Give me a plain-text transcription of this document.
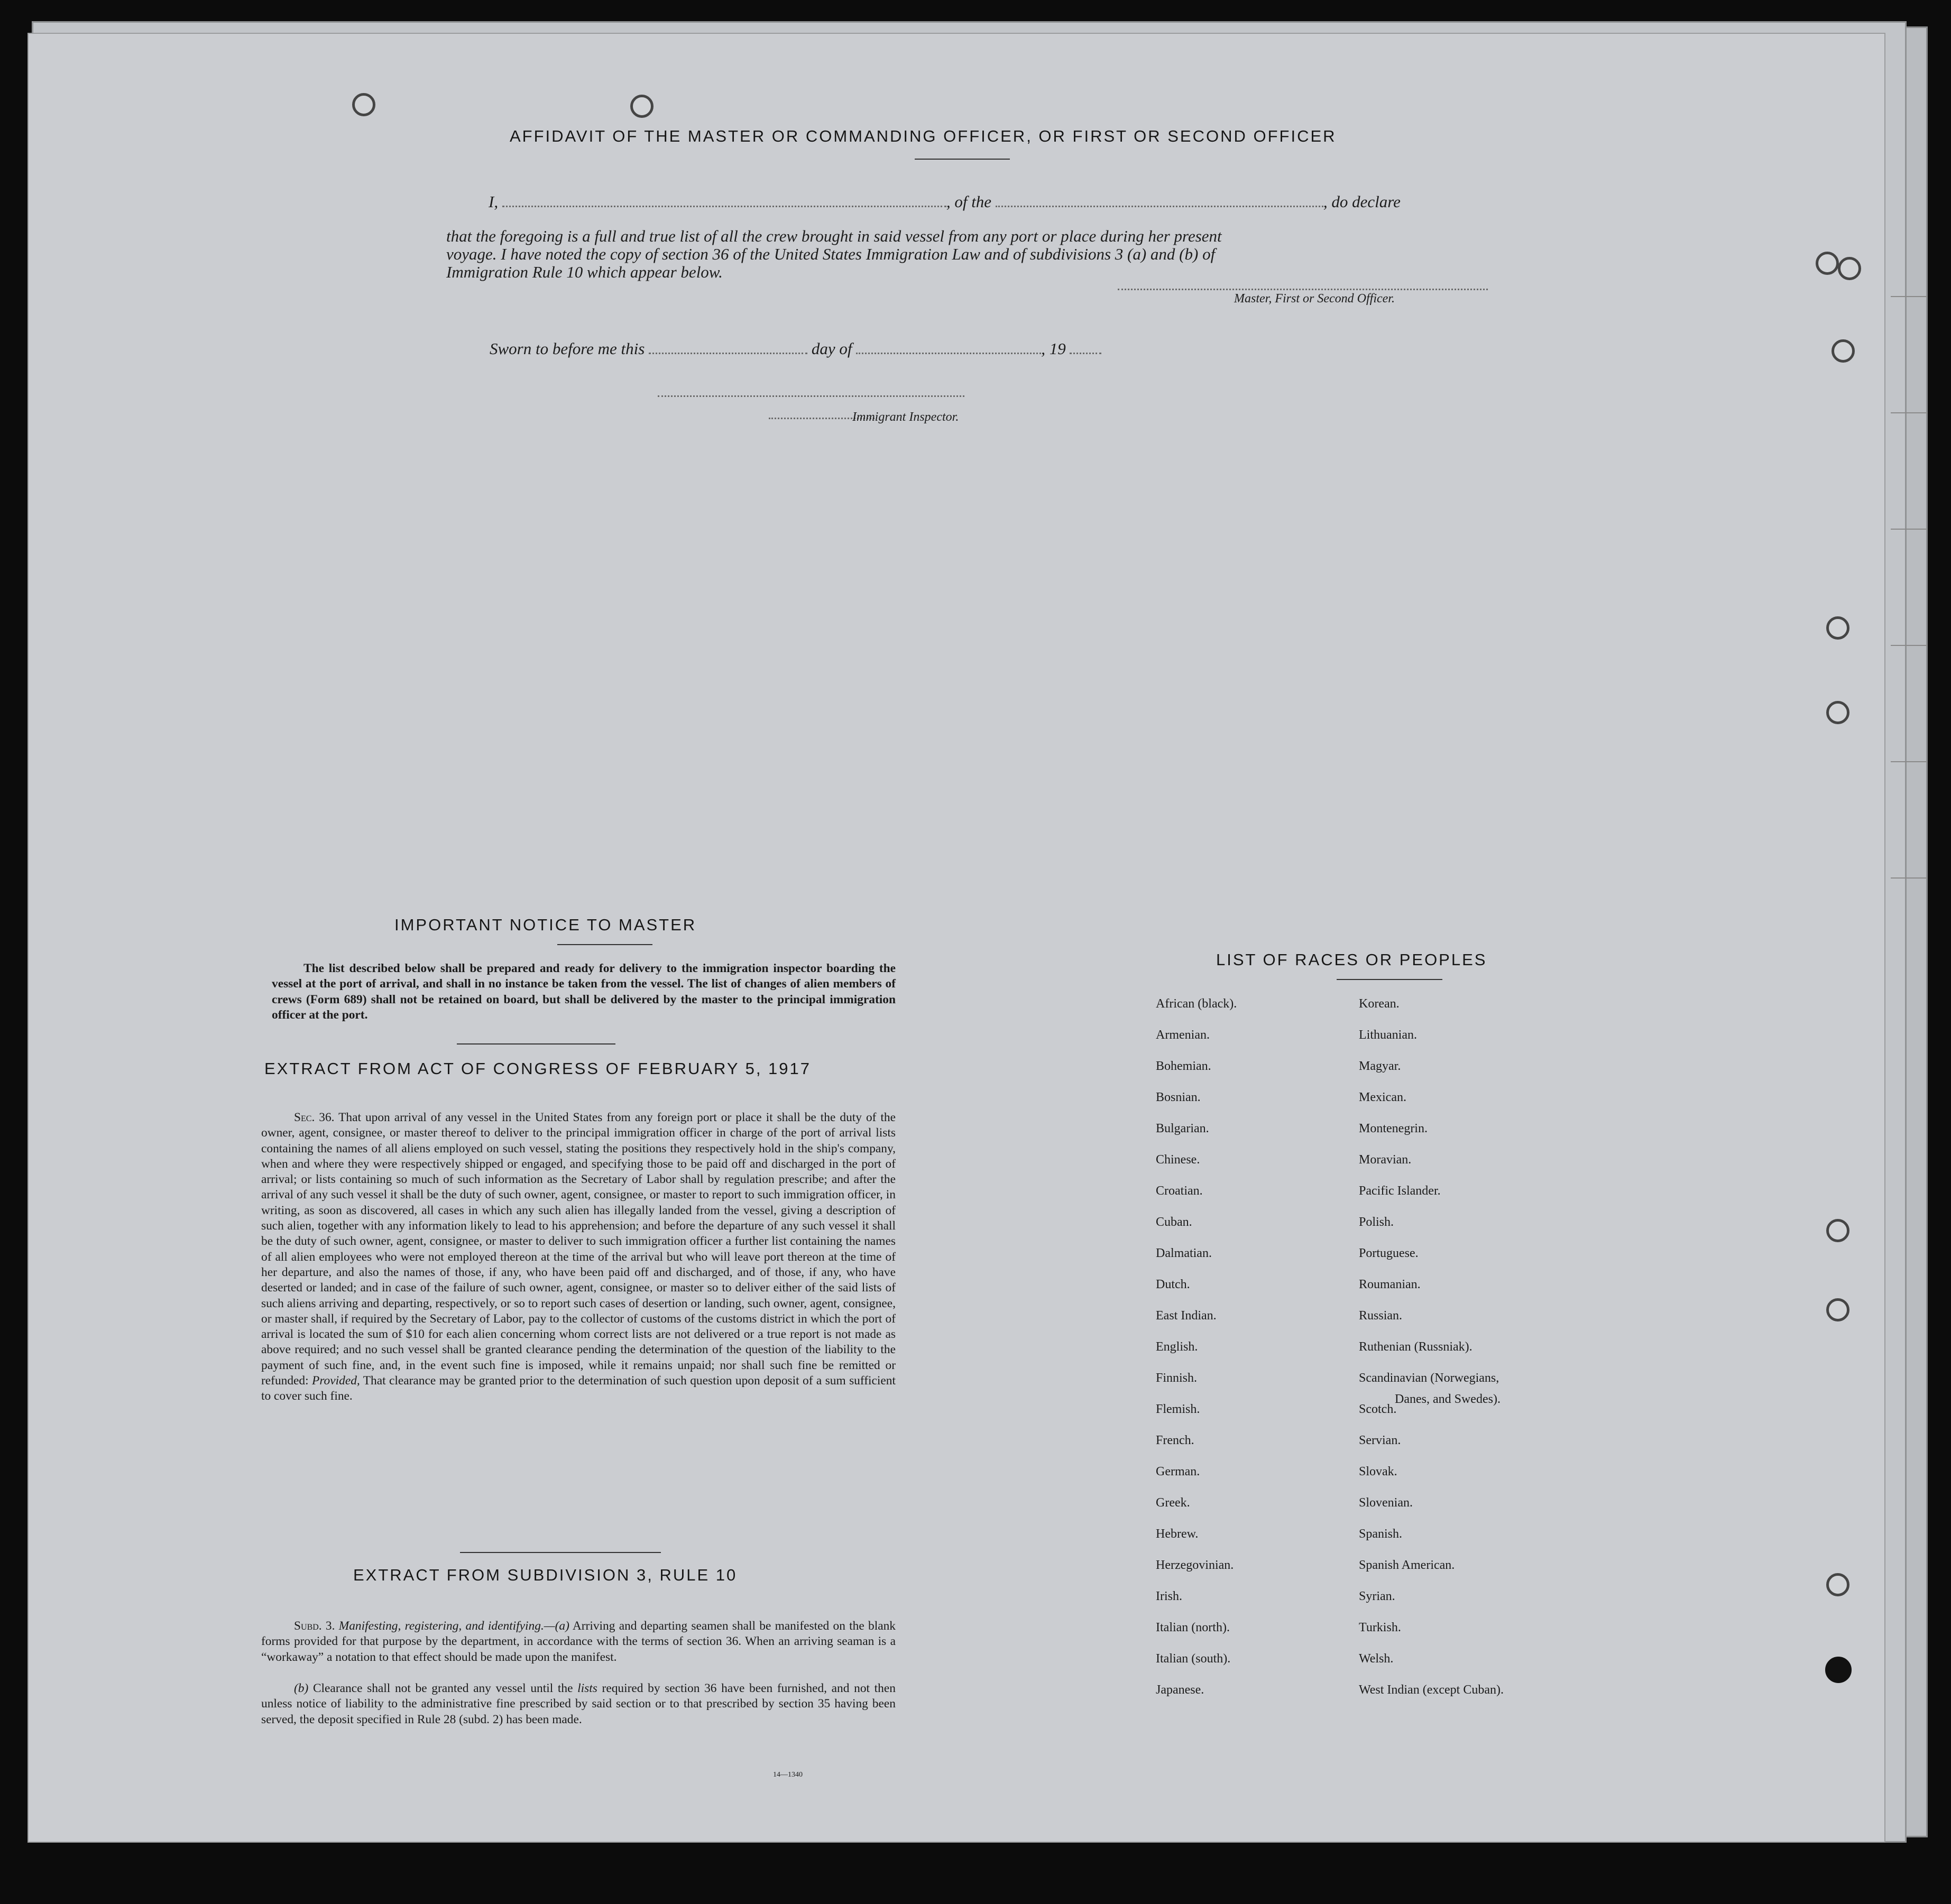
AFFIDAVIT OF THE MASTER OR COMMANDING OFFICER, OR FIRST OR SECOND OFFICER
I,	, of the	, do declare
that the foregoing is a full and true list of all the crew brought in said vessel from any port or place during her present
voyage. I have noted the copy of section 36 of the United States Immigration Law and of subdivisions 3 (a) and (b) of
Immigration Rule 10 which appear below.
Master, First or Second Officer.
Sworn to before me this	day of	, 19
Immigrant Inspector.
IMPORTANT NOTICE TO MASTER
The list described below shall be prepared and ready for delivery to the immigration inspector boarding the vessel at the port of arrival, and shall in no instance be taken from the vessel. The list of changes of alien members of crews (Form 689) shall not be retained on board, but shall be delivered by the master to the principal immigration officer at the port.
EXTRACT FROM ACT OF CONGRESS OF FEBRUARY 5, 1917
Sec. 36. That upon arrival of any vessel in the United States from any foreign port or place it shall be the duty of the owner, agent, consignee, or master thereof to deliver to the principal immigration officer in charge of the port of arrival lists containing the names of all aliens employed on such vessel, stating the positions they respectively hold in the ship's company, when and where they were respectively shipped or engaged, and specifying those to be paid off and discharged in the port of arrival; or lists containing so much of such information as the Secretary of Labor shall by regulation prescribe; and after the arrival of any such vessel it shall be the duty of such owner, agent, consignee, or master to report to such immigration officer, in writing, as soon as discovered, all cases in which any such alien has illegally landed from the vessel, giving a description of such alien, together with any information likely to lead to his apprehension; and before the departure of any such vessel it shall be the duty of such owner, agent, consignee, or master to deliver to such immigration officer a further list containing the names of all alien employees who were not employed thereon at the time of the arrival but who will leave port thereon at the time of her departure, and also the names of those, if any, who have been paid off and discharged, and of those, if any, who have deserted or landed; and in case of the failure of such owner, agent, consignee, or master so to deliver either of the said lists of such aliens arriving and departing, respectively, or so to report such cases of desertion or landing, such owner, agent, consignee, or master shall, if required by the Secretary of Labor, pay to the collector of customs of the customs district in which the port of arrival is located the sum of $10 for each alien concerning whom correct lists are not delivered or a true report is not made as above required; and no such vessel shall be granted clearance pending the determination of the question of the liability to the payment of such fine, and, in the event such fine is imposed, while it remains unpaid; nor shall such fine be remitted or refunded: Provided, That clearance may be granted prior to the determination of such question upon deposit of a sum sufficient to cover such fine.
EXTRACT FROM SUBDIVISION 3, RULE 10
Subd. 3. Manifesting, registering, and identifying.—(a) Arriving and departing seamen shall be manifested on the blank forms provided for that purpose by the department, in accordance with the terms of section 36. When an arriving seaman is a “workaway” a notation to that effect should be made upon the manifest.
(b) Clearance shall not be granted any vessel until the lists required by section 36 have been furnished, and not then unless notice of liability to the administrative fine prescribed by said section or to that prescribed by section 35 having been served, the deposit specified in Rule 28 (subd. 2) has been made.
14—1340
LIST OF RACES OR PEOPLES
Danes, and Swedes).
African (black).
Armenian.
Bohemian.
Bosnian.
Bulgarian.
Chinese.
Croatian.
Cuban.
Dalmatian.
Dutch.
East Indian.
English.
Finnish.
Flemish.
French.
German.
Greek.
Hebrew.
Herzegovinian.
Irish.
Italian (north).
Italian (south).
Japanese.
Korean.
Lithuanian.
Magyar.
Mexican.
Montenegrin.
Moravian.
Pacific Islander.
Polish.
Portuguese.
Roumanian.
Russian.
Ruthenian (Russniak).
Scandinavian (Norwegians,
Scotch.
Servian.
Slovak.
Slovenian.
Spanish.
Spanish American.
Syrian.
Turkish.
Welsh.
West Indian (except Cuban).
